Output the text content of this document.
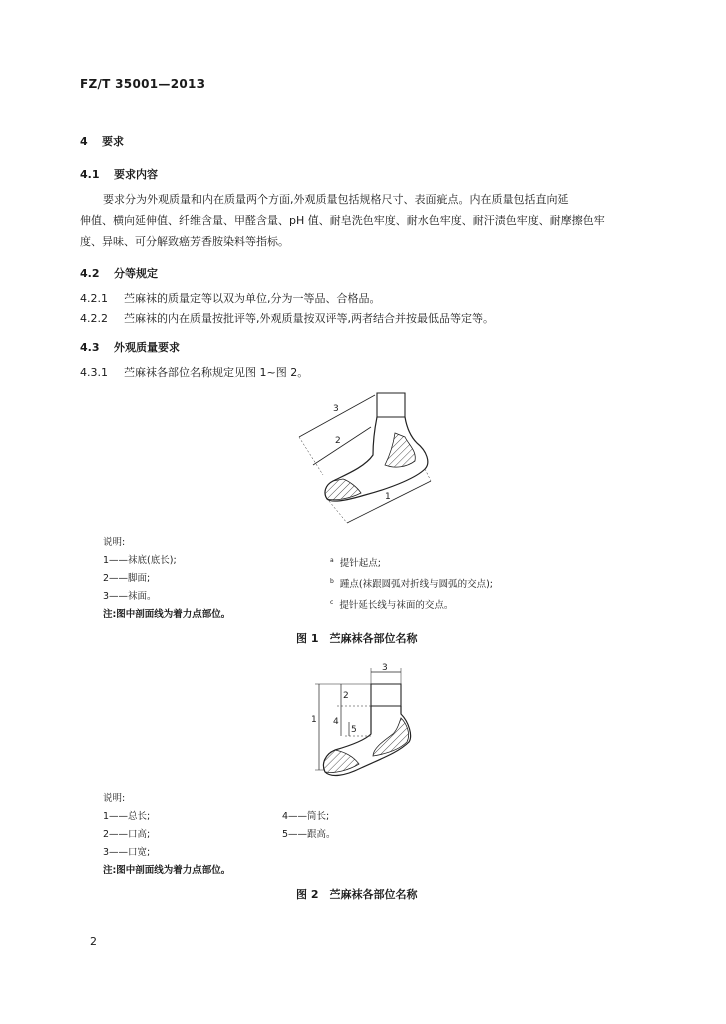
FZ/T 35001—2013
4 要求
4.1 要求内容
要求分为外观质量和内在质量两个方面,外观质量包括规格尺寸、表面疵点。内在质量包括直向延
伸值、横向延伸值、纤维含量、甲醛含量、pH 值、耐皂洗色牢度、耐水色牢度、耐汗渍色牢度、耐摩擦色牢
度、异味、可分解致癌芳香胺染料等指标。
4.2 分等规定
4.2.1 苎麻袜的质量定等以双为单位,分为一等品、合格品。
4.2.2 苎麻袜的内在质量按批评等,外观质量按双评等,两者结合并按最低品等定等。
4.3 外观质量要求
4.3.1 苎麻袜各部位名称规定见图 1~图 2。
3
2
1
说明:
1——袜底(底长);
2——脚面;
3——袜面。
注:图中剖面线为着力点部位。
$^a$ 提针起点;
$^b$ 踵点(袜跟圆弧对折线与圆弧的交点);
$^c$ 提针延长线与袜面的交点。
图 1　苎麻袜各部位名称
3
1
2
4
5
说明:
1——总长;
2——口高;
3——口宽;
注:图中剖面线为着力点部位。
4——筒长;
5——跟高。
图 2　苎麻袜各部位名称
2
